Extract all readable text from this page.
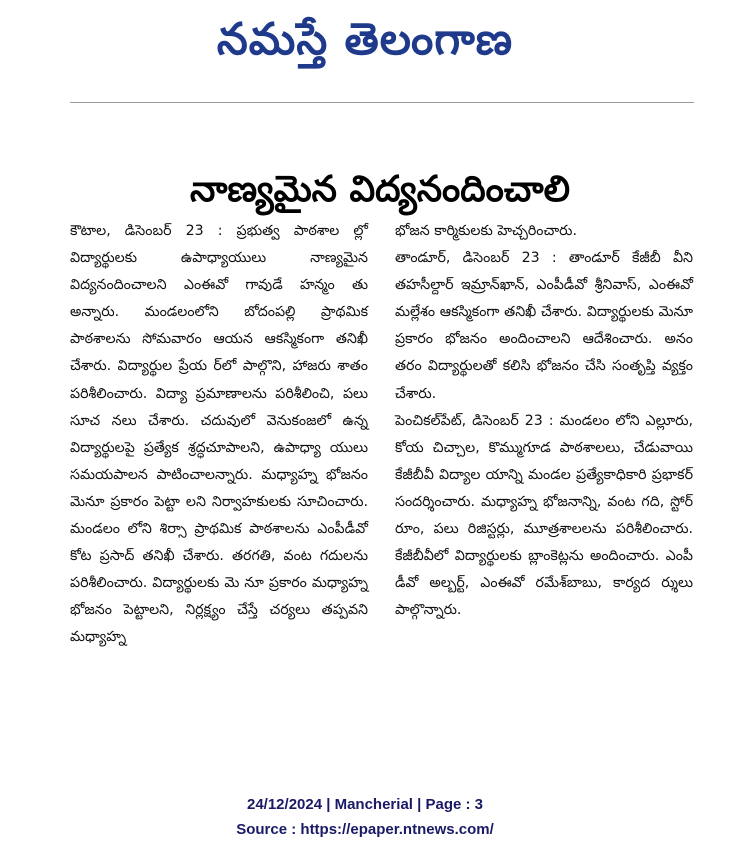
నమస్తే తెలంగాణ
నాణ్యమైన విద్యనందించాలి

కౌటాల, డిసెంబర్ 23 : ప్రభుత్వ పాఠశాల ల్లో విద్యార్థులకు ఉపాధ్యాయులు నాణ్యమైన విద్యనందించాలని ఎంఈవో గావుడే హన్మం తు అన్నారు. మండలంలోని బోదంపల్లి ప్రాథమిక పాఠశాలను సోమవారం ఆయన ఆకస్మికంగా తనిఖీ చేశారు. విద్యార్థుల ప్రేయ ర్‌లో పాల్గొని, హాజరు శాతం పరిశీలించారు. విద్యా ప్రమాణాలను పరిశీలించి, పలు సూచ నలు చేశారు. చదువులో వెనుకంజలో ఉన్న విద్యార్థులపై ప్రత్యేక శ్రద్ధచూపాలని, ఉపాధ్యా యులు సమయపాలన పాటించాలన్నారు. మధ్యాహ్న భోజనం మెనూ ప్రకారం పెట్టా లని నిర్వాహకులకు సూచించారు. మండలం లోని శిర్సా ప్రాథమిక పాఠశాలను ఎంపీడీవో కోట ప్రసాద్ తనిఖీ చేశారు. తరగతి, వంట గదులను పరిశీలించారు. విద్యార్థులకు మె నూ ప్రకారం మధ్యాహ్న భోజనం పెట్టాలని, నిర్లక్ష్యం చేస్తే చర్యలు తప్పవని మధ్యాహ్న

భోజన కార్మికులకు హెచ్చరించారు.

తాండూర్, డిసెంబర్ 23 : తాండూర్ కేజీబీ వీని తహసీల్దార్ ఇమ్రాన్‌ఖాన్, ఎంపీడీవో శ్రీనివాస్, ఎంఈవో మల్లేశం ఆకస్మికంగా తనిఖీ చేశారు. విద్యార్థులకు మెనూ ప్రకారం భోజనం అందించాలని ఆదేశించారు. అనం తరం విద్యార్థులతో కలిసి భోజనం చేసి సంతృప్తి వ్యక్తం చేశారు.

పెంచికల్‌పేట్, డిసెంబర్ 23 : మండలం లోని ఎల్లూరు, కోయ చిచ్చాల, కొమ్ముగూడ పాఠశాలలు, చేడువాయి కేజీబీవీ విద్యాల యాన్ని మండల ప్రత్యేకాధికారి ప్రభాకర్ సందర్శించారు. మధ్యాహ్న భోజనాన్ని, వంట గది, స్టోర్ రూం, పలు రిజిస్టర్లు, మూత్రశాలలను పరిశీలించారు. కేజీబీవీలో విద్యార్థులకు బ్లాంకెట్లను అందించారు. ఎంపీ డీవో అల్బర్ట్, ఎంఈవో రమేశ్‌బాబు, కార్యద ర్శులు పాల్గొన్నారు.

24/12/2024 | Mancherial | Page : 3
Source : https://epaper.ntnews.com/
